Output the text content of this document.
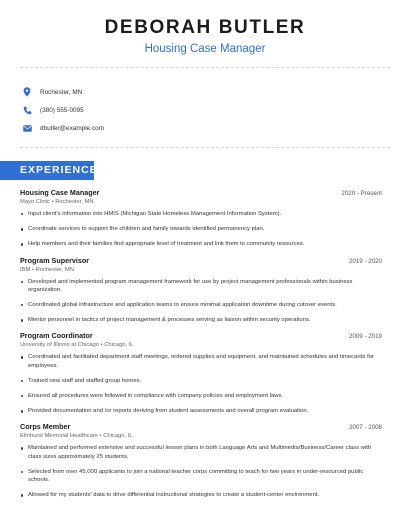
DEBORAH BUTLER
Housing Case Manager
Rochester, MN
(380) 555-0095
dbutler@example.com
EXPERIENCE
Housing Case Manager	2020 - Present
Mayo Clinic • Rochester, MN
Input client's information into HMIS (Michigan State Homeless Management Information System).
Coordinate services to support the children and family towards identified permanency plan.
Help members and their families find appropriate level of treatment and link them to community resources.
Program Supervisor	2019 - 2020
IBM • Rochester, MN
Developed and implemented program management framework for use by project management professionals within business organization.
Coordinated global infrastructure and application teams to ensure minimal application downtime during cutover events.
Mentor personnel in tactics of project management & processes serving as liaison within security operations.
Program Coordinator	2009 - 2019
University of Illinois at Chicago • Chicago, IL
Coordinated and facilitated department staff meetings, ordered supplies and equipment, and maintained schedules and timecards for employees.
Trained new staff and staffed group homes.
Ensured all procedures were followed in compliance with company policies and employment laws.
Provided documentation and /or reports deriving from student assessments and overall program evaluation.
Corps Member	2007 - 2008
Elmhurst Memorial Healthcare • Chicago, IL
Maintained and performed extensive and successful lesson plans in both Language Arts and Multimedia/Business/Career class with class sizes approximately 25 students.
Selected from over 45,000 applicants to join a national teacher corps committing to teach for two years in under-resourced public schools.
Allowed for my students' data to drive differential instructional strategies to create a student-center environment.
